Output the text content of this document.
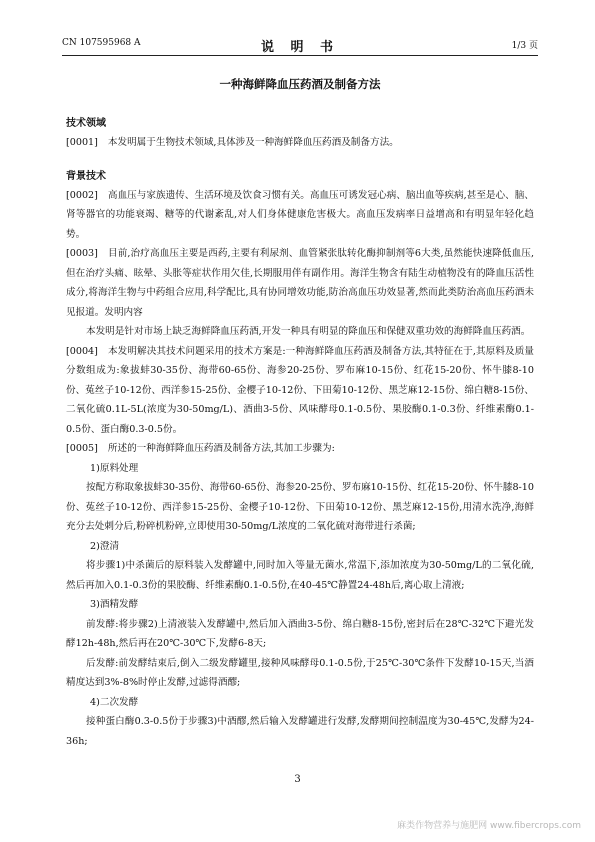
CN 107595968 A	说 明 书	1/3 页
一种海鲜降血压药酒及制备方法
技术领域

[0001] 本发明属于生物技术领域,具体涉及一种海鲜降血压药酒及制备方法。

背景技术

[0002] 高血压与家族遗传、生活环境及饮食习惯有关。高血压可诱发冠心病、脑出血等疾病,甚至是心、脑、肾等器官的功能衰竭、糖等的代谢紊乱,对人们身体健康危害极大。高血压发病率日益增高和有明显年轻化趋势。

[0003] 目前,治疗高血压主要是西药,主要有利尿剂、血管紧张肽转化酶抑制剂等6大类,虽然能快速降低血压,但在治疗头痛、眩晕、头胀等症状作用欠佳,长期服用伴有副作用。海洋生物含有陆生动植物没有的降血压活性成分,将海洋生物与中药组合应用,科学配比,具有协同增效功能,防治高血压功效显著,然而此类防治高血压药酒未见报道。发明内容

本发明是针对市场上缺乏海鲜降血压药酒,开发一种具有明显的降血压和保健双重功效的海鲜降血压药酒。

[0004] 本发明解决其技术问题采用的技术方案是:一种海鲜降血压药酒及制备方法,其特征在于,其原料及质量分数组成为:象拔蚌30-35份、海带60-65份、海参20-25份、罗布麻10-15份、红花15-20份、怀牛膝8-10份、菟丝子10-12份、西洋参15-25份、金樱子10-12份、下田菊10-12份、黑芝麻12-15份、绵白糖8-15份、二氧化硫0.1L-5L(浓度为30-50mg/L)、酒曲3-5份、风味酵母0.1-0.5份、果胶酶0.1-0.3份、纤维素酶0.1-0.5份、蛋白酶0.3-0.5份。

[0005] 所述的一种海鲜降血压药酒及制备方法,其加工步骤为:

1)原料处理

按配方称取象拔蚌30-35份、海带60-65份、海参20-25份、罗布麻10-15份、红花15-20份、怀牛膝8-10份、菟丝子10-12份、西洋参15-25份、金樱子10-12份、下田菊10-12份、黑芝麻12-15份,用清水洗净,海鲜充分去处刺分后,粉碎机粉碎,立即使用30-50mg/L浓度的二氧化硫对海带进行杀菌;

2)澄清

将步骤1)中杀菌后的原料装入发酵罐中,同时加入等量无菌水,常温下,添加浓度为30-50mg/L的二氧化硫,然后再加入0.1-0.3份的果胶酶、纤维素酶0.1-0.5份,在40-45℃静置24-48h后,离心取上清液;

3)酒精发酵

前发酵:将步骤2)上清液装入发酵罐中,然后加入酒曲3-5份、绵白糖8-15份,密封后在28℃-32℃下避光发酵12h-48h,然后再在20℃-30℃下,发酵6-8天;

后发酵:前发酵结束后,倒入二级发酵罐里,接种风味酵母0.1-0.5份,于25℃-30℃条件下发酵10-15天,当酒精度达到3%-8%时停止发酵,过滤得酒醪;

4)二次发酵

接种蛋白酶0.3-0.5份于步骤3)中酒醪,然后输入发酵罐进行发酵,发酵期间控制温度为30-45℃,发酵为24-36h;

3
麻类作物营养与施肥网 www.fibercrops.com
